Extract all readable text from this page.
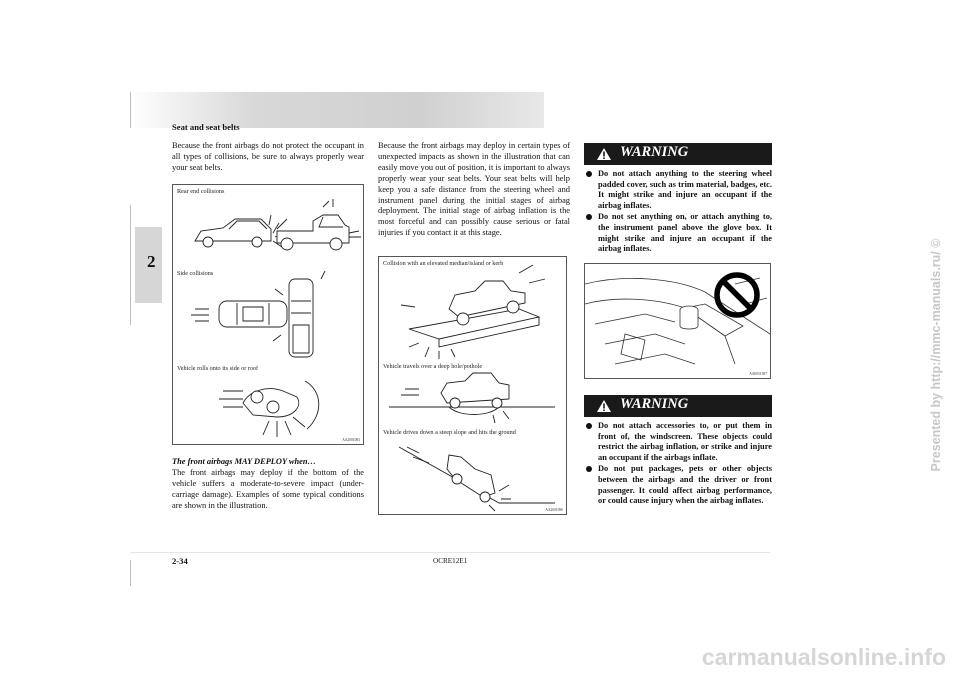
Seat and seat belts

2

Because the front airbags do not protect the occupant in all types of collisions, be sure to always properly wear your seat belts.

Rear end collisions
Side collisions
Vehicle rolls onto its side or roof
AA2001083

The front airbags MAY DEPLOY when…

The front airbags may deploy if the bottom of the vehicle suffers a moderate-to-severe impact (under-carriage damage). Examples of some typical conditions are shown in the illustration.

Because the front airbags may deploy in certain types of unexpected impacts as shown in the illustration that can easily move you out of position, it is important to always properly wear your seat belts. Your seat belts will help keep you a safe distance from the steering wheel and instrument panel during the initial stages of airbag deployment. The initial stage of airbag inflation is the most forceful and can possibly cause serious or fatal injuries if you contact it at this stage.

Collision with an elevated median/island or kerb
Vehicle travels over a deep hole/pothole
Vehicle drives down a steep slope and hits the ground
AA2001096
WARNING
Do not attach anything to the steering wheel padded cover, such as trim material, badges, etc. It might strike and injure an occupant if the airbag inflates.
Do not set anything on, or attach anything to, the instrument panel above the glove box. It might strike and injure an occupant if the airbag inflates.
AA0051587
WARNING
Do not attach accessories to, or put them in front of, the windscreen. These objects could restrict the airbag inflation, or strike and injure an occupant if the airbags inflate.
Do not put packages, pets or other objects between the airbags and the driver or front passenger. It could affect airbag performance, or could cause injury when the airbag inflates.

2-34	OCRE12E1

Presented by http://mmc-manuals.ru/ ©
carmanualsonline.info
